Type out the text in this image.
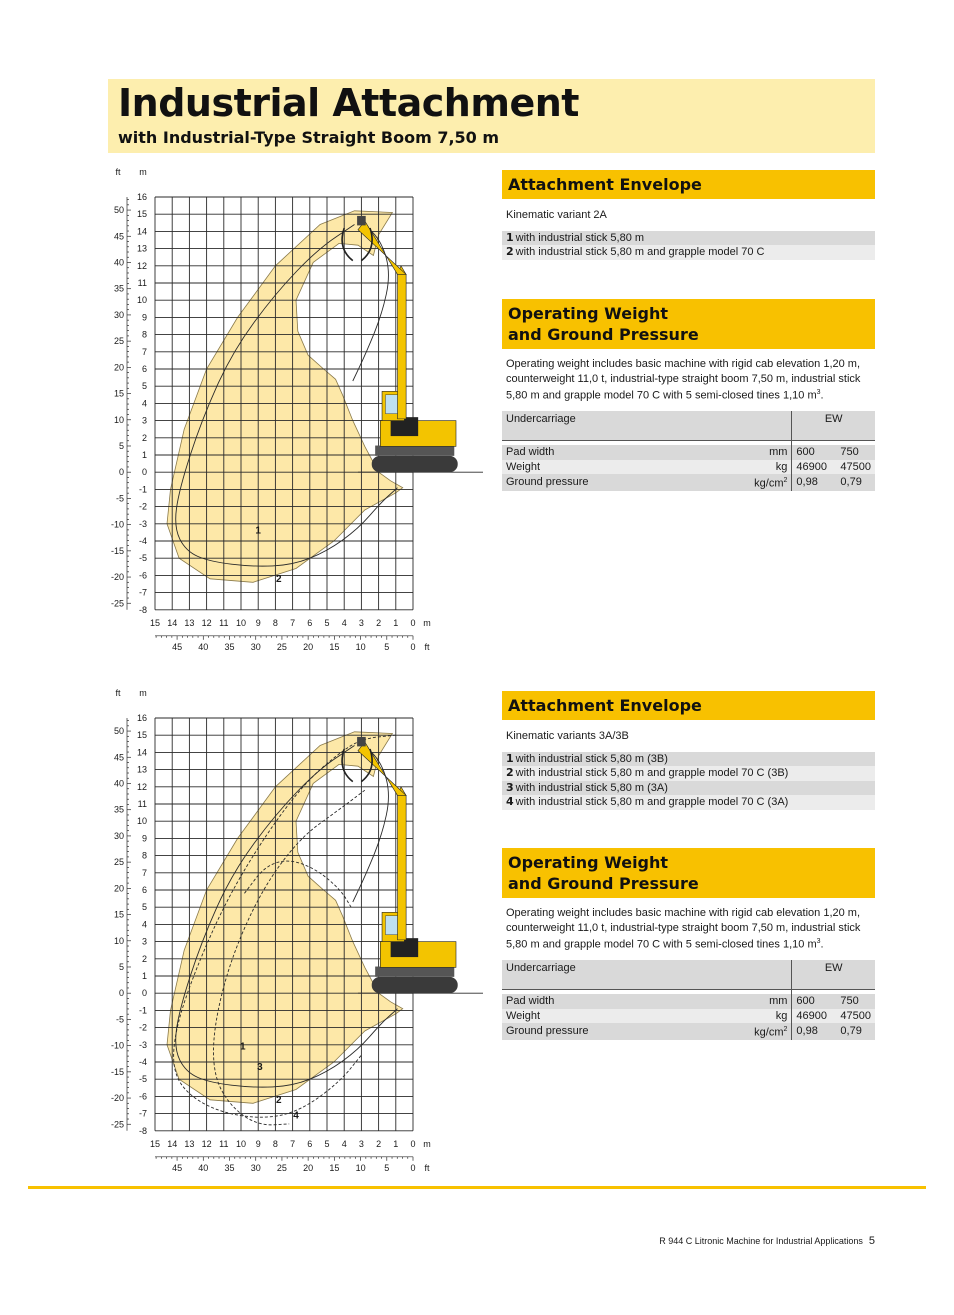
Industrial Attachment
with Industrial-Type Straight Boom 7,50 m
ft m
1
2
16
15
14
13
12
11
10
9
8
7
6
5
4
3
2
1
0
-1
-2
-3
-4
-5
-6
-7
-8
50
45
40
35
30
25
20
15
10
5
0
-5
-10
-15
-20
-25
15 14 13 12 11 10 9 8 7 6 5 4 3 2 1 0 m
45 40 35 30 25 20 15 10 5 0 ft
Attachment Envelope
Kinematic variant 2A
1 with industrial stick 5,80 m
2 with industrial stick 5,80 m and grapple model 70 C
Operating Weight
and Ground Pressure
Operating weight includes basic machine with rigid cab elevation 1,20 m, counterweight 11,0 t, industrial-type straight boom 7,50 m, industrial stick 5,80 m and grapple model 70 C with 5 semi-closed tines 1,10 $m^3$.
Undercarriage		EW	

Pad width	mm	600	750
Weight	kg	46900	47500
Ground pressure	$kg/cm^2$	0,98	0,79
ft m
1
3
2
4
16
15
14
13
12
11
10
9
8
7
6
5
4
3
2
1
0
-1
-2
-3
-4
-5
-6
-7
-8
50
45
40
35
30
25
20
15
10
5
0
-5
-10
-15
-20
-25
15 14 13 12 11 10 9 8 7 6 5 4 3 2 1 0 m
45 40 35 30 25 20 15 10 5 0 ft
Attachment Envelope
Kinematic variants 3A/3B
1 with industrial stick 5,80 m (3B)
2 with industrial stick 5,80 m and grapple model 70 C (3B)
3 with industrial stick 5,80 m (3A)
4 with industrial stick 5,80 m and grapple model 70 C (3A)
Operating Weight
and Ground Pressure
Operating weight includes basic machine with rigid cab elevation 1,20 m, counterweight 11,0 t, industrial-type straight boom 7,50 m, industrial stick 5,80 m and grapple model 70 C with 5 semi-closed tines 1,10 $m^3$.
Undercarriage		EW	

Pad width	mm	600	750
Weight	kg	46900	47500
Ground pressure	$kg/cm^2$	0,98	0,79
R 944 C Litronic Machine for Industrial Applications 5
